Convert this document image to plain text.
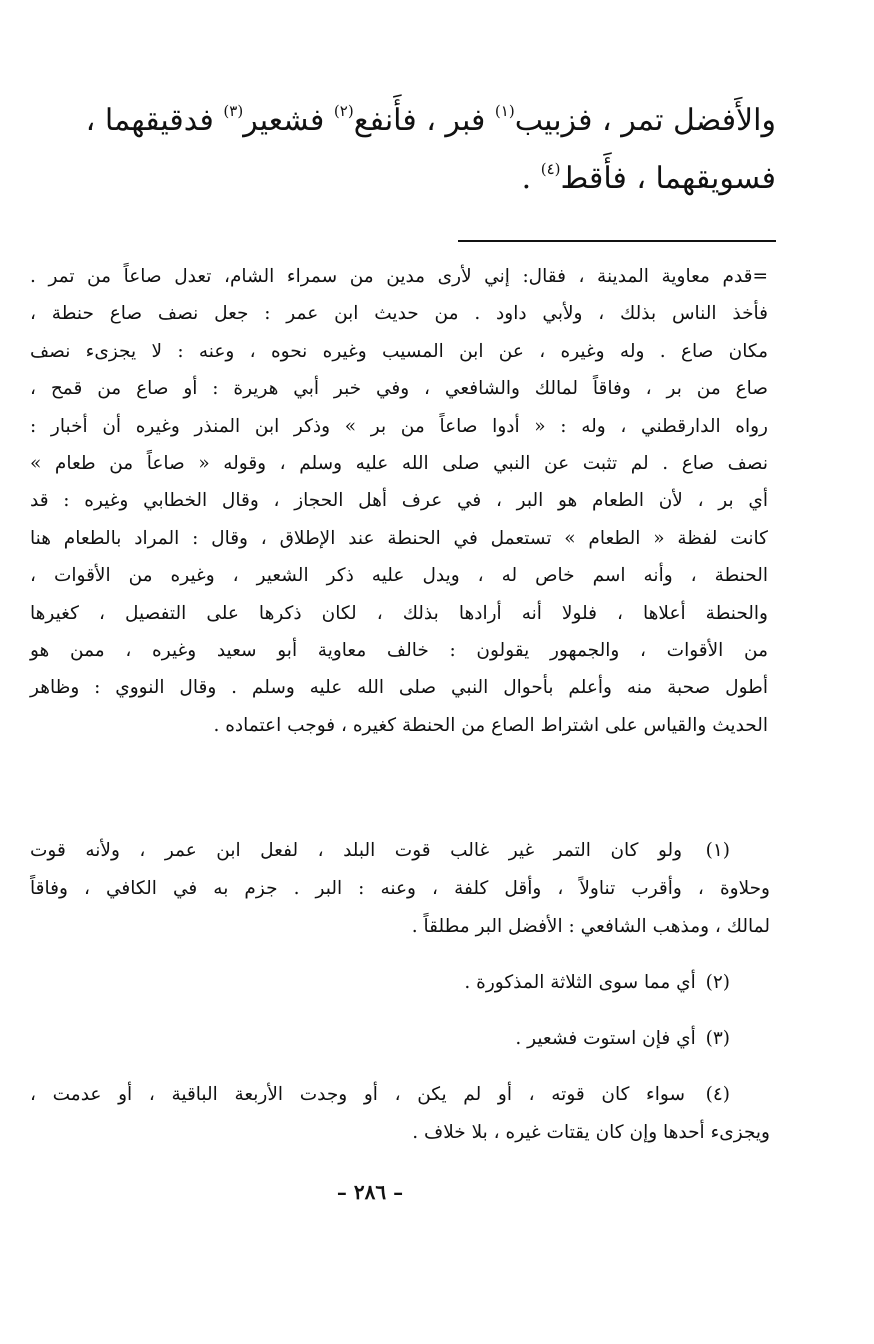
والأَفضل تمر ، فزبيب$^{(١)}$ فبر ، فأَنفع$^{(٢)}$ فشعير$^{(٣)}$ فدقيقهما ،
فسويقهما ، فأَقط$^{(٤)}$ .
=قدم معاوية المدينة ، فقال: إني لأرى مدين من سمراء الشام، تعدل صاعاً من تمر .
فأخذ الناس بذلك ، ولأبي داود . من حديث ابن عمر : جعل نصف صاع حنطة ،
مكان صاع . وله وغيره ، عن ابن المسيب وغيره نحوه ، وعنه : لا يجزىء نصف
صاع من بر ، وفاقاً لمالك والشافعي ، وفي خبر أبي هريرة : أو صاع من قمح ،
رواه الدارقطني ، وله : « أدوا صاعاً من بر » وذكر ابن المنذر وغيره أن أخبار :
نصف صاع . لم تثبت عن النبي صلى الله عليه وسلم ، وقوله « صاعاً من طعام »
أي بر ، لأن الطعام هو البر ، في عرف أهل الحجاز ، وقال الخطابي وغيره : قد
كانت لفظة « الطعام » تستعمل في الحنطة عند الإطلاق ، وقال : المراد بالطعام هنا
الحنطة ، وأنه اسم خاص له ، ويدل عليه ذكر الشعير ، وغيره من الأقوات ،
والحنطة أعلاها ، فلولا أنه أرادها بذلك ، لكان ذكرها على التفصيل ، كغيرها
من الأقوات ، والجمهور يقولون : خالف معاوية أبو سعيد وغيره ، ممن هو
أطول صحبة منه وأعلم بأحوال النبي صلى الله عليه وسلم . وقال النووي : وظاهر
الحديث والقياس على اشتراط الصاع من الحنطة كغيره ، فوجب اعتماده .
(١) ولو كان التمر غير غالب قوت البلد ، لفعل ابن عمر ، ولأنه قوت
وحلاوة ، وأقرب تناولاً ، وأقل كلفة ، وعنه : البر . جزم به في الكافي ، وفاقاً
لمالك ، ومذهب الشافعي : الأفضل البر مطلقاً .
(٢) أي مما سوى الثلاثة المذكورة .
(٣) أي فإن استوت فشعير .
(٤) سواء كان قوته ، أو لم يكن ، أو وجدت الأربعة الباقية ، أو عدمت ،
ويجزىء أحدها وإن كان يقتات غيره ، بلا خلاف .
– ٢٨٦ –
